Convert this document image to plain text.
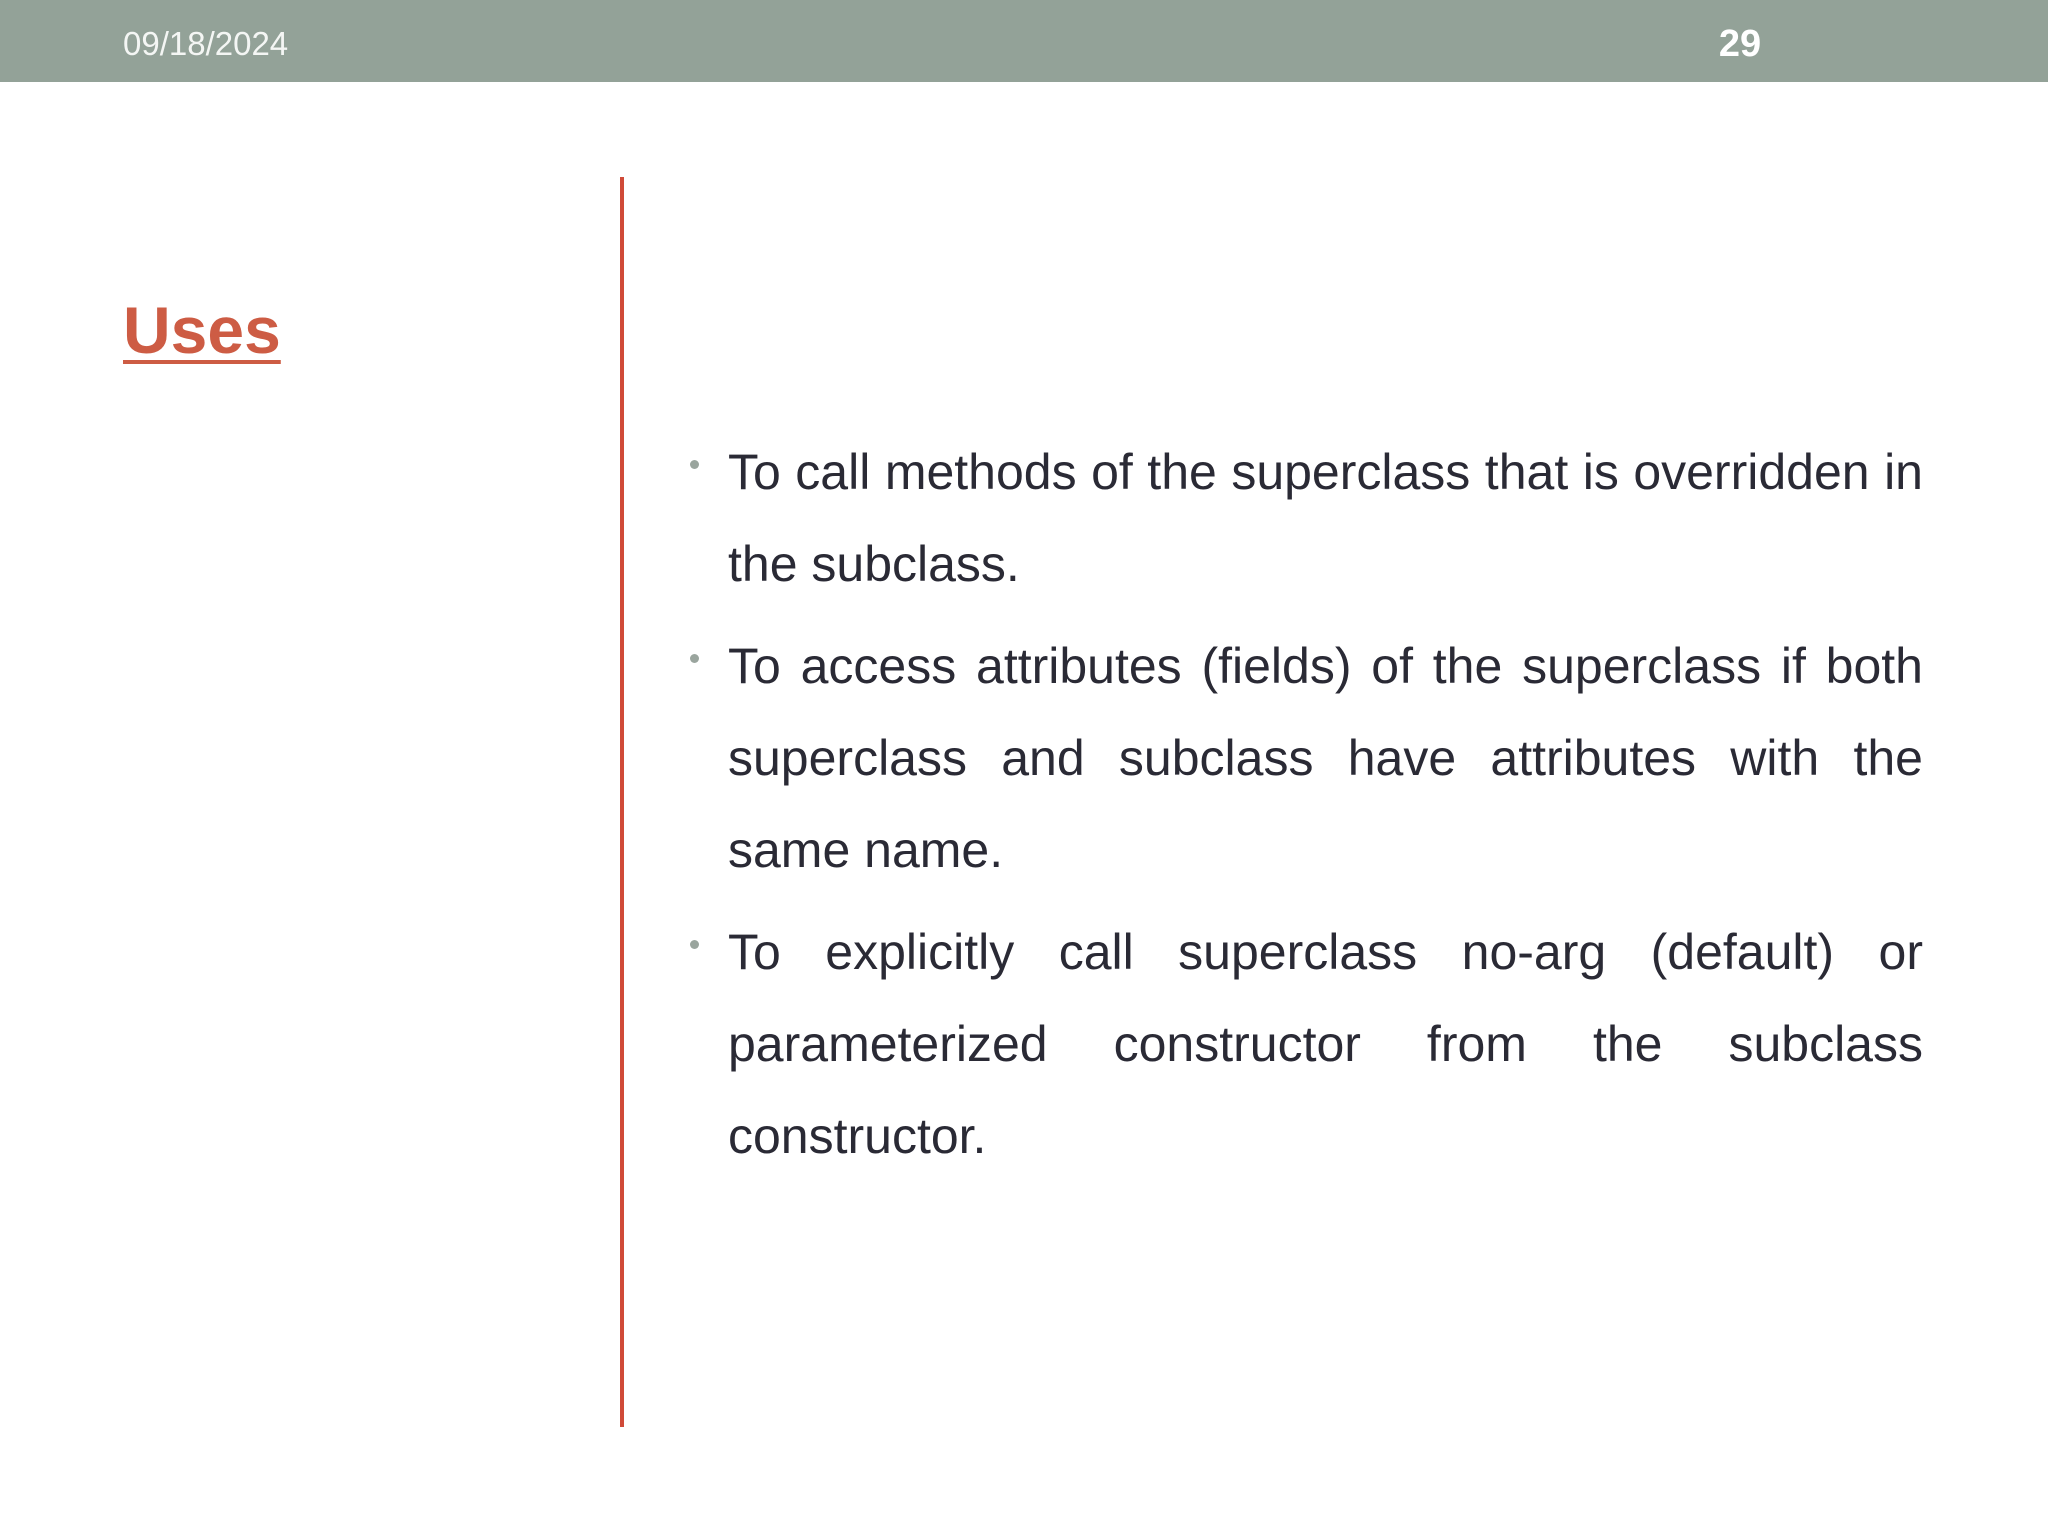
09/18/2024	29
Uses
To call methods of the superclass that is overridden in the subclass.
To access attributes (fields) of the superclass if both superclass and subclass have attributes with the same name.
To explicitly call superclass no-arg (default) or parameterized constructor from the subclass constructor.
